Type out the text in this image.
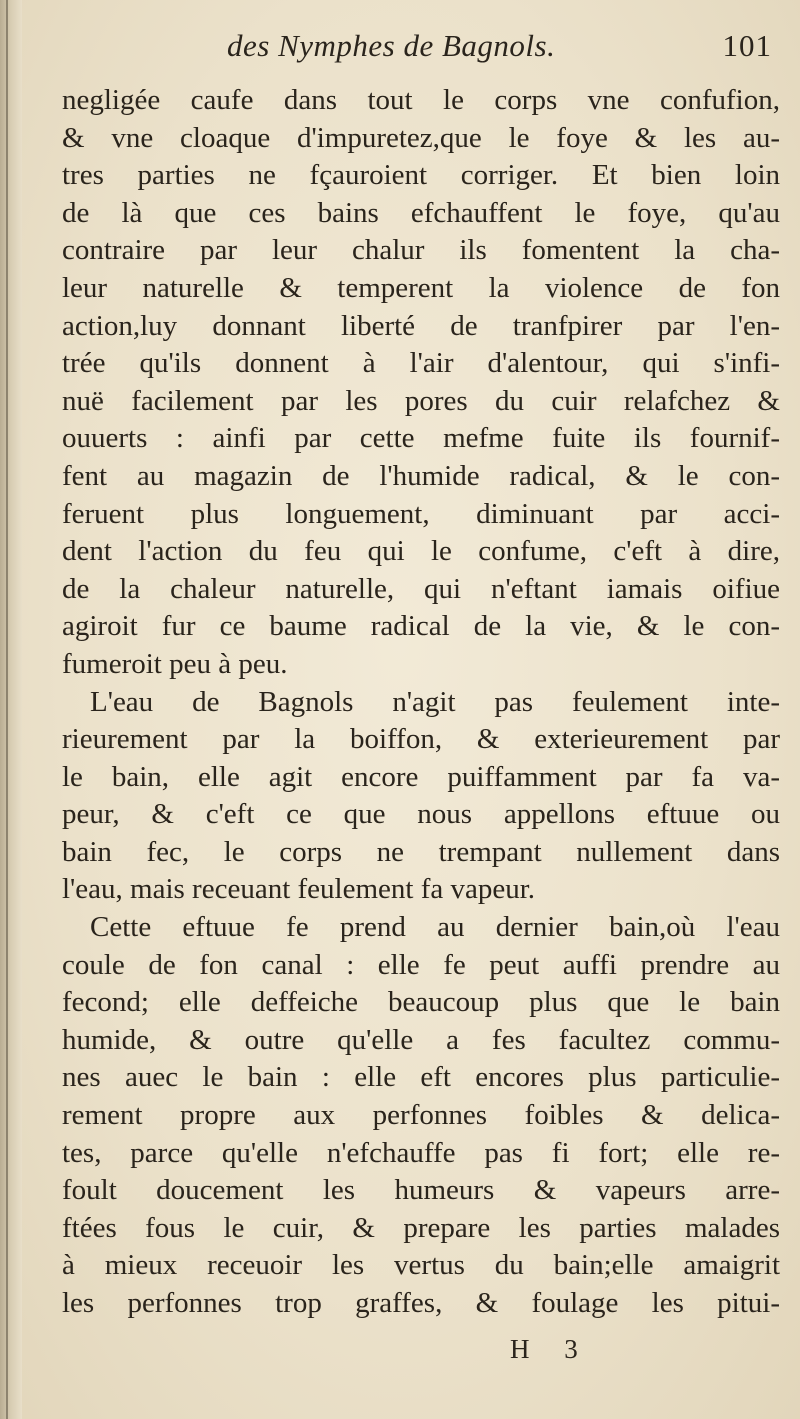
des Nymphes de Bagnols.	101
negligée caufe dans tout le corps vne confufion,
& vne cloaque d'impuretez,que le foye & les au-
tres parties ne fçauroient corriger. Et bien loin
de là que ces bains efchauffent le foye, qu'au
contraire par leur chalur ils fomentent la cha-
leur naturelle & temperent la violence de fon
action,luy donnant liberté de tranfpirer par l'en-
trée qu'ils donnent à l'air d'alentour, qui s'infi-
nuë facilement par les pores du cuir relafchez &
ouuerts : ainfi par cette mefme fuite ils fournif-
fent au magazin de l'humide radical, & le con-
feruent plus longuement, diminuant par acci-
dent l'action du feu qui le confume, c'eft à dire,
de la chaleur naturelle, qui n'eftant iamais oifiue
agiroit fur ce baume radical de la vie, & le con-
fumeroit peu à peu.
L'eau de Bagnols n'agit pas feulement inte-
rieurement par la boiffon, & exterieurement par
le bain, elle agit encore puiffamment par fa va-
peur, & c'eft ce que nous appellons eftuue ou
bain fec, le corps ne trempant nullement dans
l'eau, mais receuant feulement fa vapeur.
Cette eftuue fe prend au dernier bain,où l'eau
coule de fon canal : elle fe peut auffi prendre au
fecond; elle deffeiche beaucoup plus que le bain
humide, & outre qu'elle a fes facultez commu-
nes auec le bain : elle eft encores plus particulie-
rement propre aux perfonnes foibles & delica-
tes, parce qu'elle n'efchauffe pas fi fort; elle re-
foult doucement les humeurs & vapeurs arre-
ftées fous le cuir, & prepare les parties malades
à mieux receuoir les vertus du bain;elle amaigrit
les perfonnes trop graffes, & foulage les pitui-
H 3
